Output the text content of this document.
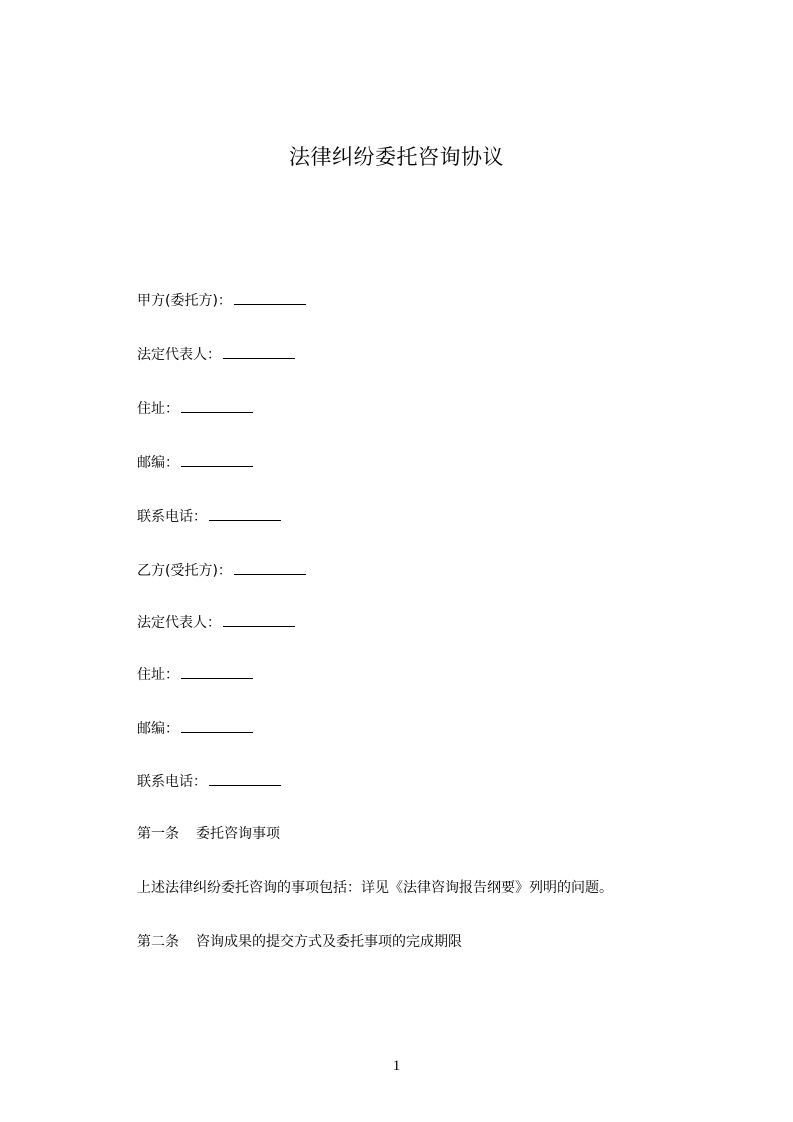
法律纠纷委托咨询协议
甲方(委托方)：
法定代表人：
住址：
邮编：
联系电话：
乙方(受托方)：
法定代表人：
住址：
邮编：
联系电话：
第一条 委托咨询事项
上述法律纠纷委托咨询的事项包括：详见《法律咨询报告纲要》列明的问题。
第二条 咨询成果的提交方式及委托事项的完成期限
1
